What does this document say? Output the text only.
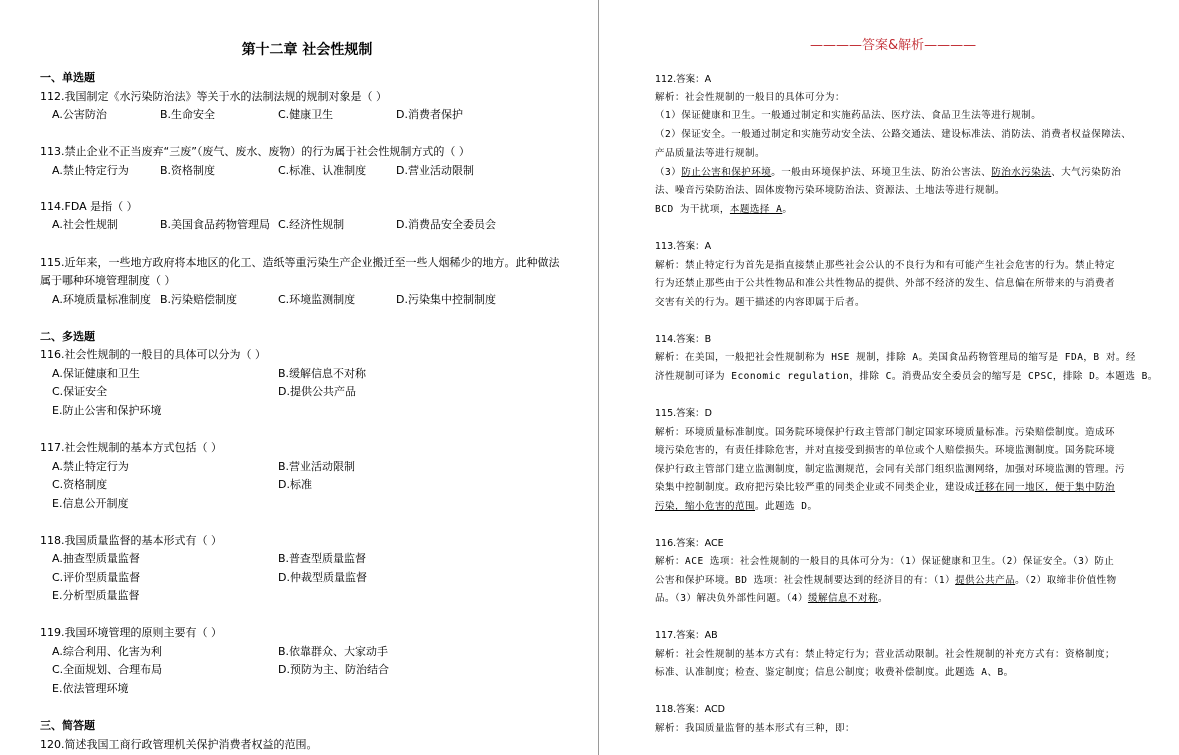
第十二章 社会性规制
一、单选题
112.我国制定《水污染防治法》等关于水的法制法规的规制对象是（ ）
A.公害防治	B.生命安全	C.健康卫生	D.消费者保护
113.禁止企业不正当废弃“三废”（废气、废水、废物）的行为属于社会性规制方式的（ ）
A.禁止特定行为	B.资格制度	C.标准、认准制度	D.营业活动限制
114.FDA 是指（ ）
A.社会性规制	B.美国食品药物管理局 C.经济性规制	D.消费品安全委员会
115.近年来，一些地方政府将本地区的化工、造纸等重污染生产企业搬迁至一些人烟稀少的地方。此种做法
属于哪种环境管理制度（ ）
A.环境质量标准制度 B.污染赔偿制度	C.环境监测制度	D.污染集中控制制度
二、多选题
116.社会性规制的一般目的具体可以分为（ ）
A.保证健康和卫生	B.缓解信息不对称
C.保证安全	D.提供公共产品
E.防止公害和保护环境
117.社会性规制的基本方式包括（ ）
A.禁止特定行为	B.营业活动限制
C.资格制度	D.标准
E.信息公开制度
118.我国质量监督的基本形式有（ ）
A.抽查型质量监督	B.普查型质量监督
C.评价型质量监督	D.仲裁型质量监督
E.分析型质量监督
119.我国环境管理的原则主要有（ ）
A.综合利用、化害为利	B.依靠群众、大家动手
C.全面规划、合理布局	D.预防为主、防治结合
E.依法管理环境
三、简答题
120.简述我国工商行政管理机关保护消费者权益的范围。
————答案&解析————
112.答案：A
解析：社会性规制的一般目的具体可分为：
（1）保证健康和卫生。一般通过制定和实施药品法、医疗法、食品卫生法等进行规制。
（2）保证安全。一般通过制定和实施劳动安全法、公路交通法、建设标准法、消防法、消费者权益保障法、
产品质量法等进行规制。
（3）防止公害和保护环境。一般由环境保护法、环境卫生法、防治公害法、防治水污染法、大气污染防治
法、噪音污染防治法、固体废物污染环境防治法、资源法、土地法等进行规制。
BCD 为干扰项，本题选择 A。
113.答案：A
解析：禁止特定行为首先是指直接禁止那些社会公认的不良行为和有可能产生社会危害的行为。禁止特定
行为还禁止那些由于公共性物品和准公共性物品的提供、外部不经济的发生、信息偏在所带来的与消费者
交害有关的行为。题干描述的内容即属于后者。
114.答案：B
解析：在美国，一般把社会性规制称为 HSE 规制，排除 A。美国食品药物管理局的缩写是 FDA，B 对。经
济性规制可译为 Economic regulation，排除 C。消费品安全委员会的缩写是 CPSC，排除 D。本题选 B。
115.答案：D
解析：环境质量标准制度。国务院环境保护行政主管部门制定国家环境质量标准。污染赔偿制度。造成环
境污染危害的，有责任排除危害，并对直接受到损害的单位或个人赔偿损失。环境监测制度。国务院环境
保护行政主管部门建立监测制度，制定监测规范，会同有关部门组织监测网络，加强对环境监测的管理。污
染集中控制制度。政府把污染比较严重的同类企业或不同类企业，建设成迁移在同一地区，便于集中防治
污染，缩小危害的范围。此题选 D。
116.答案：ACE
解析：ACE 选项：社会性规制的一般目的具体可分为：（1）保证健康和卫生。（2）保证安全。（3）防止
公害和保护环境。BD 选项：社会性规制要达到的经济目的有：（1）提供公共产品。（2）取缔非价值性物
品。（3）解决负外部性问题。（4）缓解信息不对称。
117.答案：AB
解析：社会性规制的基本方式有：禁止特定行为；营业活动限制。社会性规制的补充方式有：资格制度；
标准、认准制度；检查、鉴定制度；信息公制度；收费补偿制度。此题选 A、B。
118.答案：ACD
解析：我国质量监督的基本形式有三种，即：
